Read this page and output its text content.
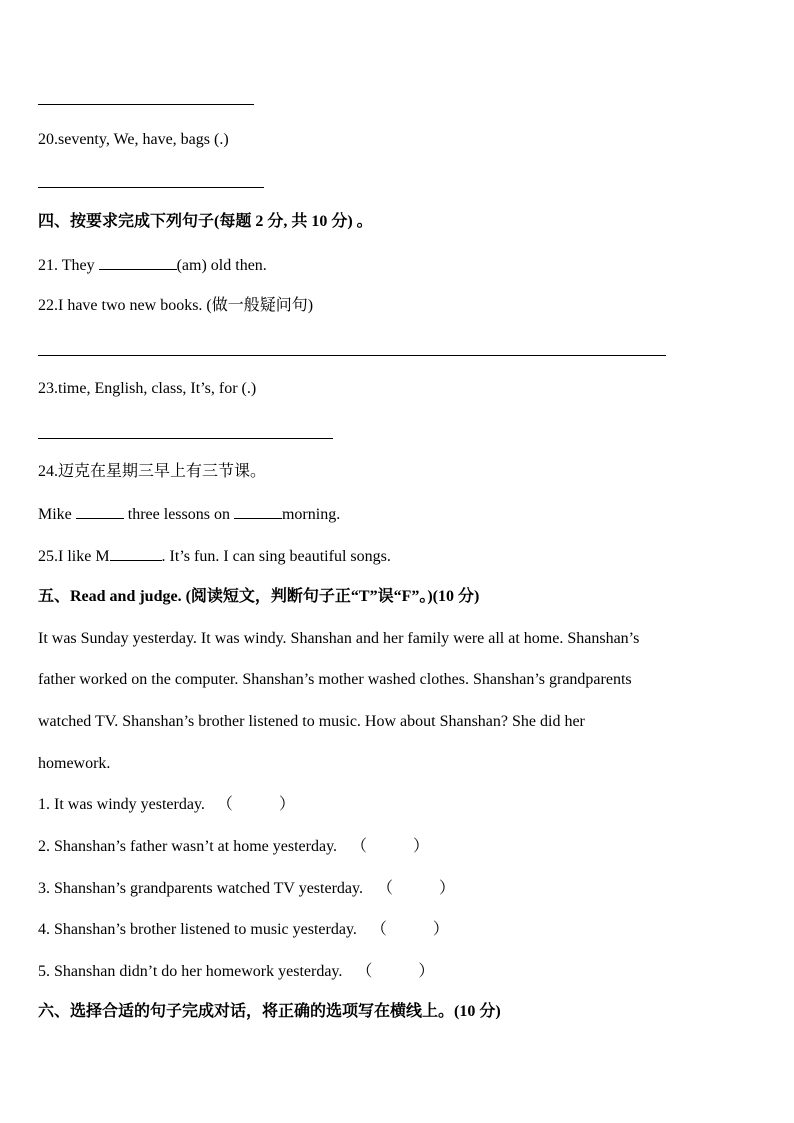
20.seventy, We, have, bags (.)
四、按要求完成下列句子(每题 2 分, 共 10 分) 。
21. They	(am) old then.
22.I have two new books. (做一般疑问句)
23.time, English, class, It’s, for (.)
24.迈克在星期三早上有三节课。
Mike	three lessons on	morning.
25.I like M	. It’s fun. I can sing beautiful songs.
五、Read and judge. (阅读短文，判断句子正“T”误“F”。)(10 分)
It was Sunday yesterday. It was windy. Shanshan and her family were all at home. Shanshan’s
father worked on the computer. Shanshan’s mother washed clothes. Shanshan’s grandparents
watched TV. Shanshan’s brother listened to music. How about Shanshan? She did her
homework.
1. It was windy yesterday. （	）
2. Shanshan’s father wasn’t at home yesterday. （	）
3. Shanshan’s grandparents watched TV yesterday. （	）
4. Shanshan’s brother listened to music yesterday. （	）
5. Shanshan didn’t do her homework yesterday. （	）
六、选择合适的句子完成对话，将正确的选项写在横线上。(10 分)
